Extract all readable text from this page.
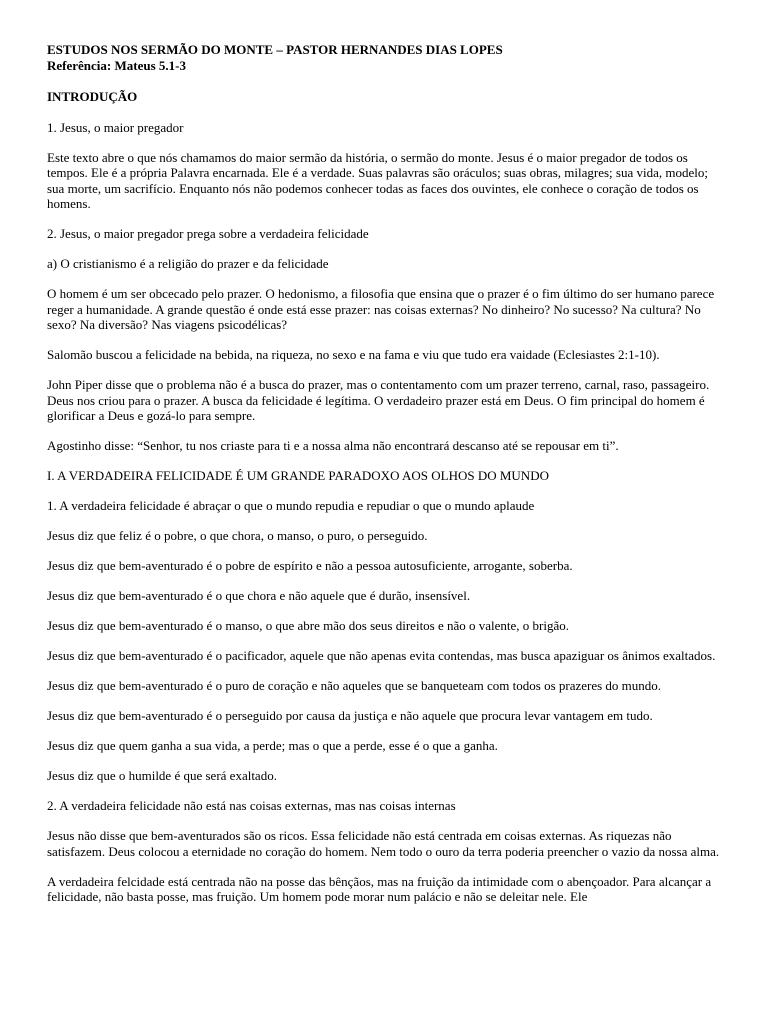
ESTUDOS NOS SERMÃO DO MONTE – PASTOR HERNANDES DIAS LOPES

Referência: Mateus 5.1-3

INTRODUÇÃO

1. Jesus, o maior pregador

Este texto abre o que nós chamamos do maior sermão da história, o sermão do monte. Jesus é o maior pregador de todos os tempos. Ele é a própria Palavra encarnada. Ele é a verdade. Suas palavras são oráculos; suas obras, milagres; sua vida, modelo; sua morte, um sacrifício. Enquanto nós não podemos conhecer todas as faces dos ouvintes, ele conhece o coração de todos os homens.

2. Jesus, o maior pregador prega sobre a verdadeira felicidade

a) O cristianismo é a religião do prazer e da felicidade

O homem é um ser obcecado pelo prazer. O hedonismo, a filosofia que ensina que o prazer é o fim último do ser humano parece reger a humanidade. A grande questão é onde está esse prazer: nas coisas externas? No dinheiro? No sucesso? Na cultura? No sexo? Na diversão? Nas viagens psicodélicas?

Salomão buscou a felicidade na bebida, na riqueza, no sexo e na fama e viu que tudo era vaidade (Eclesiastes 2:1-10).

John Piper disse que o problema não é a busca do prazer, mas o contentamento com um prazer terreno, carnal, raso, passageiro. Deus nos criou para o prazer. A busca da felicidade é legítima. O verdadeiro prazer está em Deus. O fim principal do homem é glorificar a Deus e gozá-lo para sempre.

Agostinho disse: “Senhor, tu nos criaste para ti e a nossa alma não encontrará descanso até se repousar em ti”.

I. A VERDADEIRA FELICIDADE É UM GRANDE PARADOXO AOS OLHOS DO MUNDO

1. A verdadeira felicidade é abraçar o que o mundo repudia e repudiar o que o mundo aplaude

Jesus diz que feliz é o pobre, o que chora, o manso, o puro, o perseguido.

Jesus diz que bem-aventurado é o pobre de espírito e não a pessoa autosuficiente, arrogante, soberba.

Jesus diz que bem-aventurado é o que chora e não aquele que é durão, insensível.

Jesus diz que bem-aventurado é o manso, o que abre mão dos seus direitos e não o valente, o brigão.

Jesus diz que bem-aventurado é o pacificador, aquele que não apenas evita contendas, mas busca apaziguar os ânimos exaltados.

Jesus diz que bem-aventurado é o puro de coração e não aqueles que se banqueteam com todos os prazeres do mundo.

Jesus diz que bem-aventurado é o perseguido por causa da justiça e não aquele que procura levar vantagem em tudo.

Jesus diz que quem ganha a sua vida, a perde; mas o que a perde, esse é o que a ganha.

Jesus diz que o humilde é que será exaltado.

2. A verdadeira felicidade não está nas coisas externas, mas nas coisas internas

Jesus não disse que bem-aventurados são os ricos. Essa felicidade não está centrada em coisas externas. As riquezas não satisfazem. Deus colocou a eternidade no coração do homem. Nem todo o ouro da terra poderia preencher o vazio da nossa alma.

A verdadeira felcidade está centrada não na posse das bênçãos, mas na fruição da intimidade com o abençoador. Para alcançar a felicidade, não basta posse, mas fruição. Um homem pode morar num palácio e não se deleitar nele. Ele
